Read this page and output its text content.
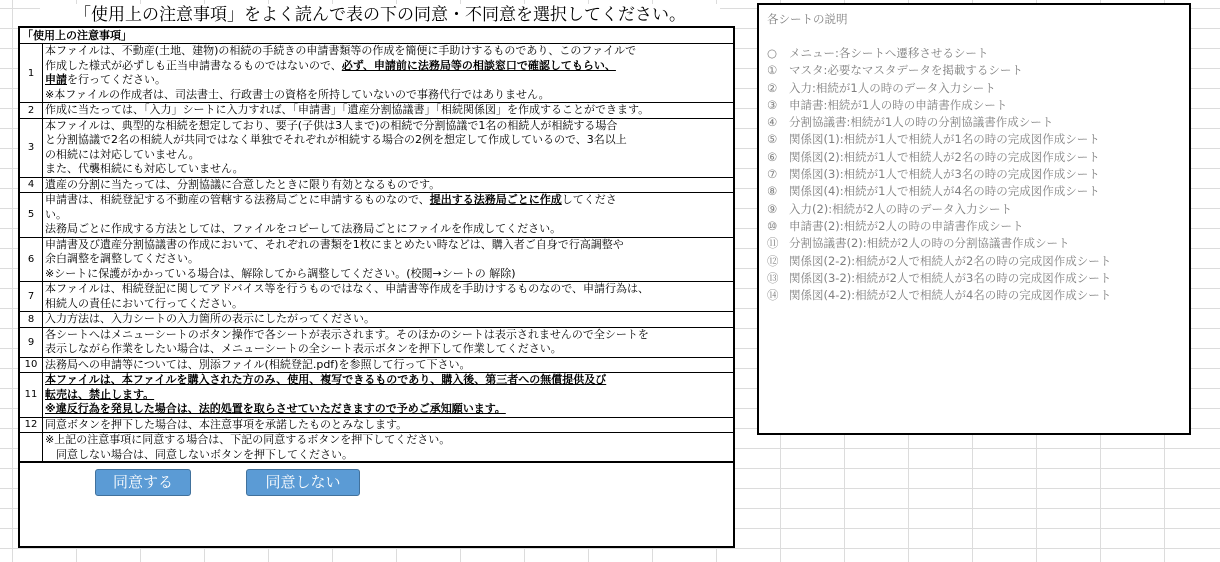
「使用上の注意事項」をよく読んで表の下の同意・不同意を選択してください。
「使用上の注意事項」
1
本ファイルは、不動産(土地、建物)の相続の手続きの申請書類等の作成を簡便に手助けするものであり、このファイルで
作成した様式が必ずしも正当申請書なるものではないので、必ず、申請前に法務局等の相談窓口で確認してもらい、
申請を行ってください。
※本ファイルの作成者は、司法書士、行政書士の資格を所持していないので事務代行ではありません。
2 作成に当たっては、「入力」シートに入力すれば、「申請書」「遺産分割協議書」「相続関係図」を作成することができます。
3
本ファイルは、典型的な相続を想定しており、要子(子供は3人まで)の相続で分割協議で1名の相続人が相続する場合
と分割協議で2名の相続人が共同ではなく単独でそれぞれが相続する場合の2例を想定して作成しているので、3名以上
の相続には対応していません。
また、代襲相続にも対応していません。
4 遺産の分割に当たっては、分割協議に合意したときに限り有効となるものです。
5
申請書は、相続登記する不動産の管轄する法務局ごとに申請するものなので、提出する法務局ごとに作成してくださ
い。
法務局ごとに作成する方法としては、ファイルをコピーして法務局ごとにファイルを作成してください。
6
申請書及び遺産分割協議書の作成において、それぞれの書類を1枚にまとめたい時などは、購入者ご自身で行高調整や
余白調整を調整してください。
※シートに保護がかかっている場合は、解除してから調整してください。(校閲→シートの 解除)
7
本ファイルは、相続登記に関してアドバイス等を行うものではなく、申請書等作成を手助けするものなので、申請行為は、
相続人の責任において行ってください。
8 入力方法は、入力シートの入力箇所の表示にしたがってください。
9
各シートへはメニューシートのボタン操作で各シートが表示されます。そのほかのシートは表示されませんので全シートを
表示しながら作業をしたい場合は、メニューシートの全シート表示ボタンを押下して作業してください。
10 法務局への申請等については、別添ファイル(相続登記.pdf)を参照して行って下さい。
11
本ファイルは、本ファイルを購入された方のみ、使用、複写できるものであり、購入後、第三者への無償提供及び
転売は、禁止します。
※違反行為を発見した場合は、法的処置を取らさせていただきますので予めご承知願います。
12 同意ボタンを押下した場合は、本注意事項を承諾したものとみなします。
※上記の注意事項に同意する場合は、下記の同意するボタンを押下してください。
　同意しない場合は、同意しないボタンを押下してください。
同意する	同意しない
各シートの説明
○ メニュー:各シートへ遷移させるシート
① マスタ:必要なマスタデータを掲載するシート
② 入力:相続が1人の時のデータ入力シート
③ 申請書:相続が1人の時の申請書作成シート
④ 分割協議書:相続が1人の時の分割協議書作成シート
⑤ 関係図(1):相続が1人で相続人が1名の時の完成図作成シート
⑥ 関係図(2):相続が1人で相続人が2名の時の完成図作成シート
⑦ 関係図(3):相続が1人で相続人が3名の時の完成図作成シート
⑧ 関係図(4):相続が1人で相続人が4名の時の完成図作成シート
⑨ 入力(2):相続が2人の時のデータ入力シート
⑩ 申請書(2):相続が2人の時の申請書作成シート
⑪ 分割協議書(2):相続が2人の時の分割協議書作成シート
⑫ 関係図(2-2):相続が2人で相続人が2名の時の完成図作成シート
⑬ 関係図(3-2):相続が2人で相続人が3名の時の完成図作成シート
⑭ 関係図(4-2):相続が2人で相続人が4名の時の完成図作成シート
